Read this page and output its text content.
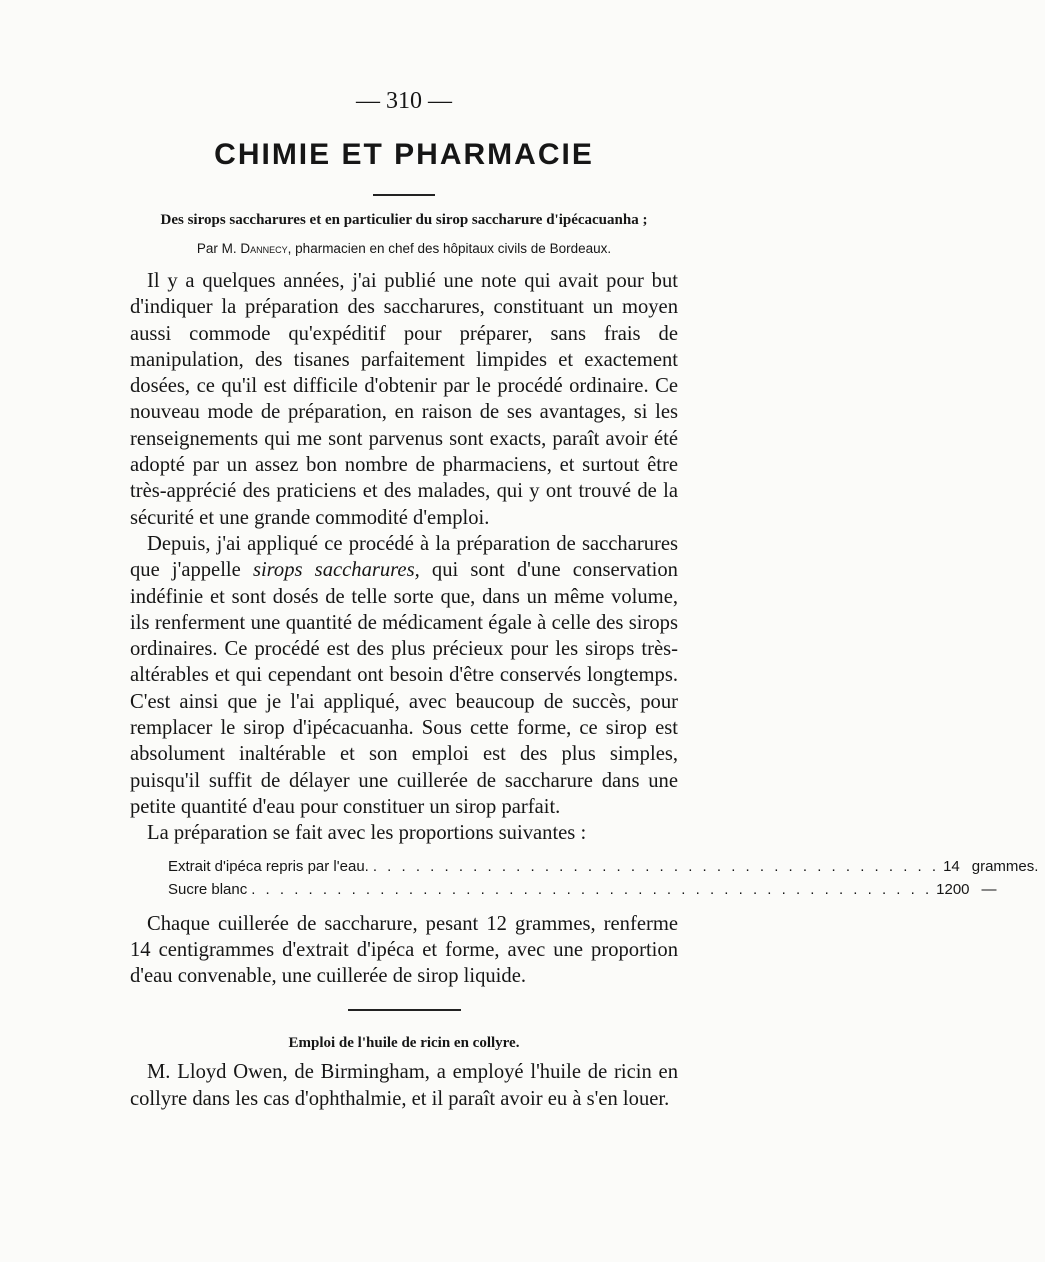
— 310 —

CHIMIE ET PHARMACIE
Des sirops saccharures et en particulier du sirop saccharure d'ipécacuanha ;

Par M. Dannecy, pharmacien en chef des hôpitaux civils de Bordeaux.

Il y a quelques années, j'ai publié une note qui avait pour but d'indiquer la préparation des saccharures, constituant un moyen aussi commode qu'expéditif pour préparer, sans frais de manipulation, des tisanes parfaitement limpides et exactement dosées, ce qu'il est difficile d'obtenir par le procédé ordinaire. Ce nouveau mode de préparation, en raison de ses avantages, si les renseignements qui me sont parvenus sont exacts, paraît avoir été adopté par un assez bon nombre de pharmaciens, et surtout être très-apprécié des praticiens et des malades, qui y ont trouvé de la sécurité et une grande commodité d'emploi.

Depuis, j'ai appliqué ce procédé à la préparation de saccharures que j'appelle sirops saccharures, qui sont d'une conservation indéfinie et sont dosés de telle sorte que, dans un même volume, ils renferment une quantité de médicament égale à celle des sirops ordinaires. Ce procédé est des plus précieux pour les sirops très-altérables et qui cependant ont besoin d'être conservés longtemps. C'est ainsi que je l'ai appliqué, avec beaucoup de succès, pour remplacer le sirop d'ipécacuanha. Sous cette forme, ce sirop est absolument inaltérable et son emploi est des plus simples, puisqu'il suffit de délayer une cuillerée de saccharure dans une petite quantité d'eau pour constituer un sirop parfait.

La préparation se fait avec les proportions suivantes :

Extrait d'ipéca repris par l'eau. . . . . . . . . . . . . . . . . . . . . . . . . . . . . . . . . . . . . . . . . 14 grammes.
Sucre blanc . . . . . . . . . . . . . . . . . . . . . . . . . . . . . . . . . . . . . . . . . . . . . . . . 1200 —

Chaque cuillerée de saccharure, pesant 12 grammes, renferme 14 centigrammes d'extrait d'ipéca et forme, avec une proportion d'eau convenable, une cuillerée de sirop liquide.

Emploi de l'huile de ricin en collyre.

M. Lloyd Owen, de Birmingham, a employé l'huile de ricin en collyre dans les cas d'ophthalmie, et il paraît avoir eu à s'en louer.
